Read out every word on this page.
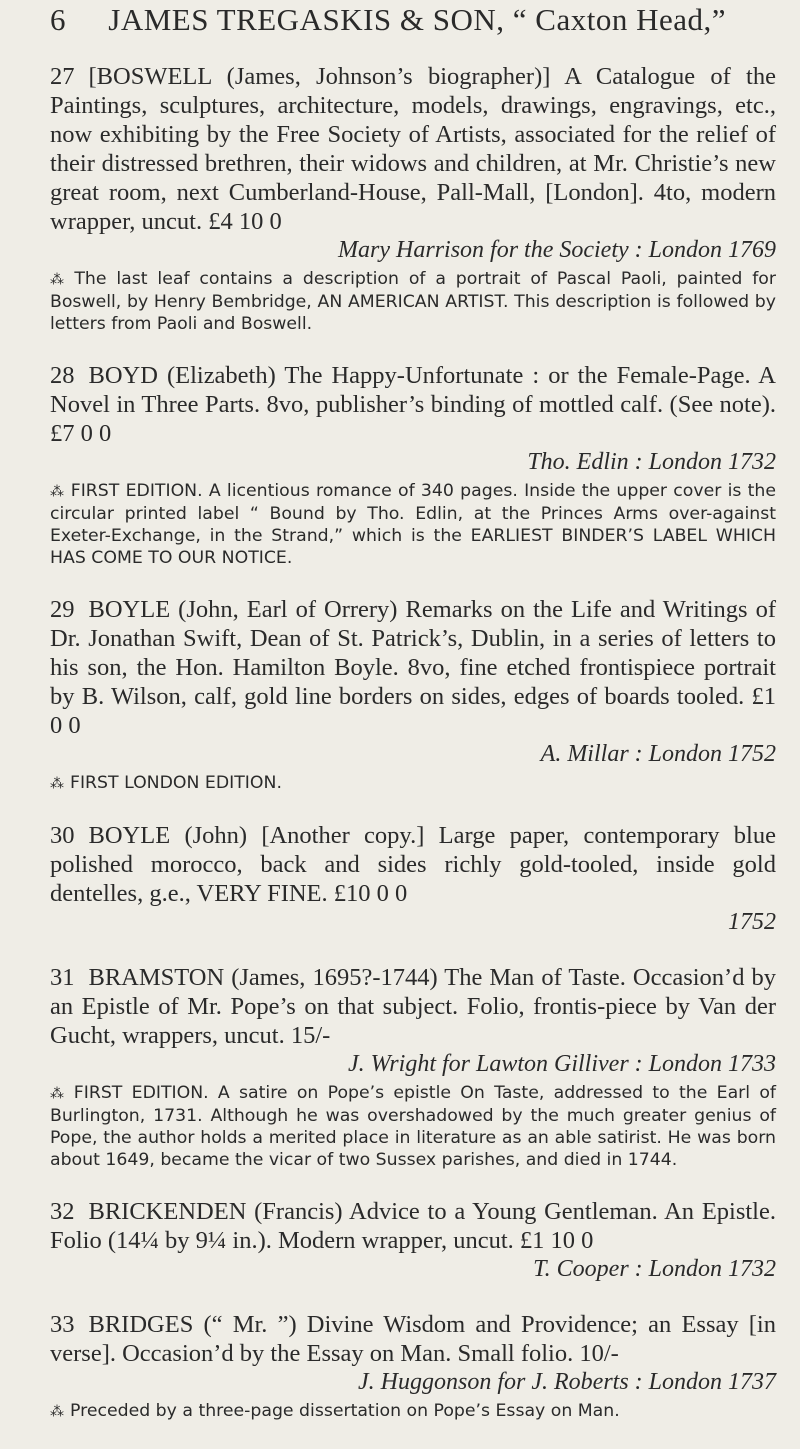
6 JAMES TREGASKIS & SON, “ Caxton Head,”

27 [BOSWELL (James, Johnson’s biographer)] A Catalogue of the Paintings, sculptures, architecture, models, drawings, engravings, etc., now exhibiting by the Free Society of Artists, associated for the relief of their distressed brethren, their widows and children, at Mr. Christie’s new great room, next Cumberland-House, Pall-Mall, [London]. 4to, modern wrapper, uncut. £4 10 0

Mary Harrison for the Society : London 1769

⁂ The last leaf contains a description of a portrait of Pascal Paoli, painted for Boswell, by Henry Bembridge, AN AMERICAN ARTIST. This description is followed by letters from Paoli and Boswell.

28 BOYD (Elizabeth) The Happy-Unfortunate : or the Female-Page. A Novel in Three Parts. 8vo, publisher’s binding of mottled calf. (See note). £7 0 0

Tho. Edlin : London 1732

⁂ FIRST EDITION. A licentious romance of 340 pages. Inside the upper cover is the circular printed label “ Bound by Tho. Edlin, at the Princes Arms over-against Exeter-Exchange, in the Strand,” which is the EARLIEST BINDER’S LABEL WHICH HAS COME TO OUR NOTICE.

29 BOYLE (John, Earl of Orrery) Remarks on the Life and Writings of Dr. Jonathan Swift, Dean of St. Patrick’s, Dublin, in a series of letters to his son, the Hon. Hamilton Boyle. 8vo, fine etched frontispiece portrait by B. Wilson, calf, gold line borders on sides, edges of boards tooled. £1 0 0

A. Millar : London 1752

⁂ FIRST LONDON EDITION.

30 BOYLE (John) [Another copy.] Large paper, contemporary blue polished morocco, back and sides richly gold-tooled, inside gold dentelles, g.e., VERY FINE. £10 0 0

1752

31 BRAMSTON (James, 1695?-1744) The Man of Taste. Occasion’d by an Epistle of Mr. Pope’s on that subject. Folio, frontis-piece by Van der Gucht, wrappers, uncut. 15/-

J. Wright for Lawton Gilliver : London 1733

⁂ FIRST EDITION. A satire on Pope’s epistle On Taste, addressed to the Earl of Burlington, 1731. Although he was overshadowed by the much greater genius of Pope, the author holds a merited place in literature as an able satirist. He was born about 1649, became the vicar of two Sussex parishes, and died in 1744.

32 BRICKENDEN (Francis) Advice to a Young Gentleman. An Epistle. Folio (14¼ by 9¼ in.). Modern wrapper, uncut. £1 10 0

T. Cooper : London 1732

33 BRIDGES (“ Mr. ”) Divine Wisdom and Providence; an Essay [in verse]. Occasion’d by the Essay on Man. Small folio. 10/-

J. Huggonson for J. Roberts : London 1737

⁂ Preceded by a three-page dissertation on Pope’s Essay on Man.
